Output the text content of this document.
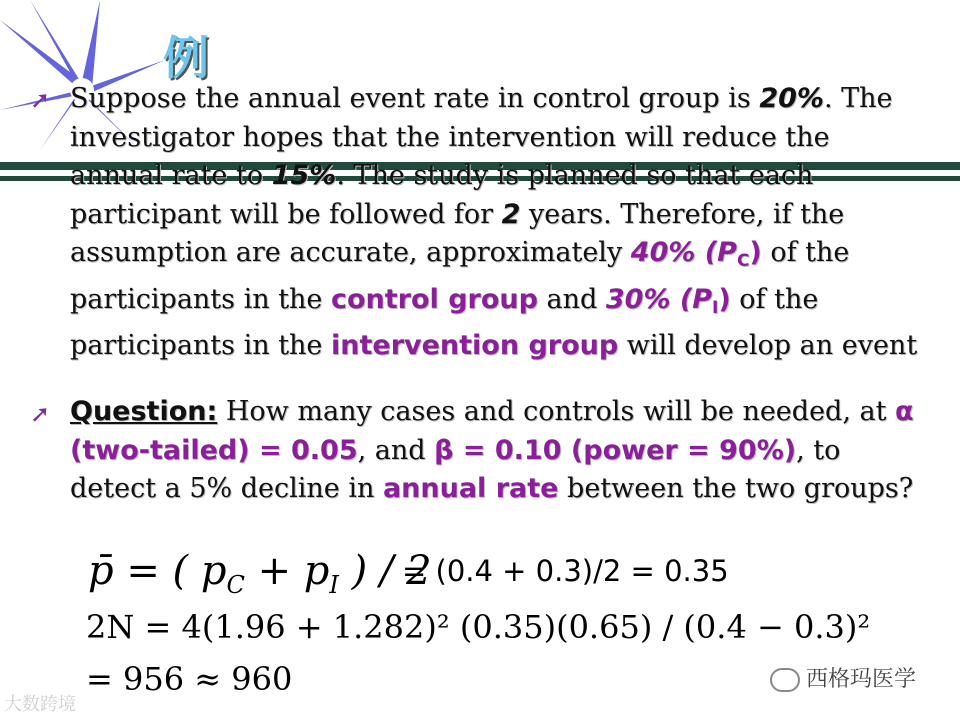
例
➚ Suppose the annual event rate in control group is 20%. The investigator hopes that the intervention will reduce the annual rate to 15%. The study is planned so that each participant will be followed for 2 years. Therefore, if the assumption are accurate, approximately 40% $(P_C)$ of the participants in the control group and 30% $(P_I)$ of the participants in the intervention group will develop an event
➚ Question: How many cases and controls will be needed, at α (two-tailed) = 0.05, and β = 0.10 (power = 90%), to detect a 5% decline in annual rate between the two groups?
p̄ = ( $p_C + p_I$ ) / 2
= (0.4 + 0.3)/2 = 0.35
2N = 4(1.96 + 1.282)² (0.35)(0.65) / (0.4 − 0.3)²
= 956 ≈ 960
大数跨境
西格玛医学
